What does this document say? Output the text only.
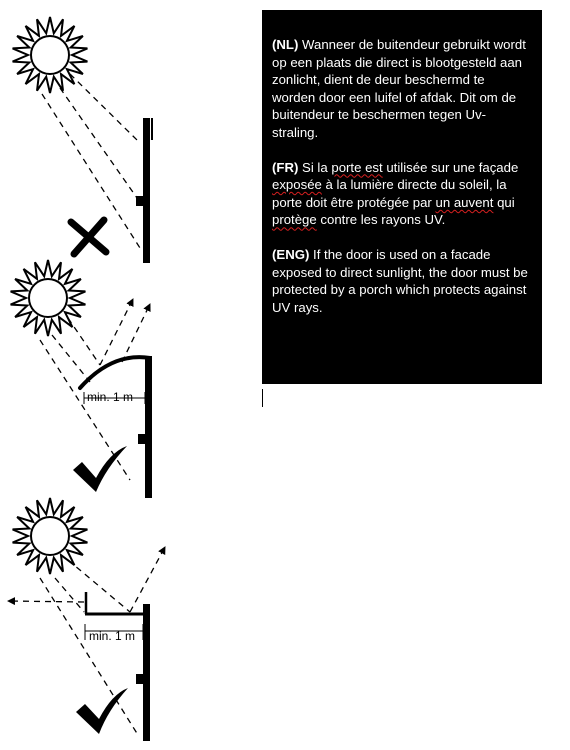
min. 1 m
min. 1 m

(NL) Wanneer de buitendeur gebruikt wordt op een plaats die direct is blootgesteld aan zonlicht, dient de deur beschermd te worden door een luifel of afdak. Dit om de buitendeur te beschermen tegen Uv-straling.

(FR) Si la porte est utilisée sur une façade exposée à la lumière directe du soleil, la porte doit être protégée par un auvent qui protège contre les rayons UV.

(ENG) If the door is used on a facade exposed to direct sunlight, the door must be protected by a porch which protects against UV rays.
